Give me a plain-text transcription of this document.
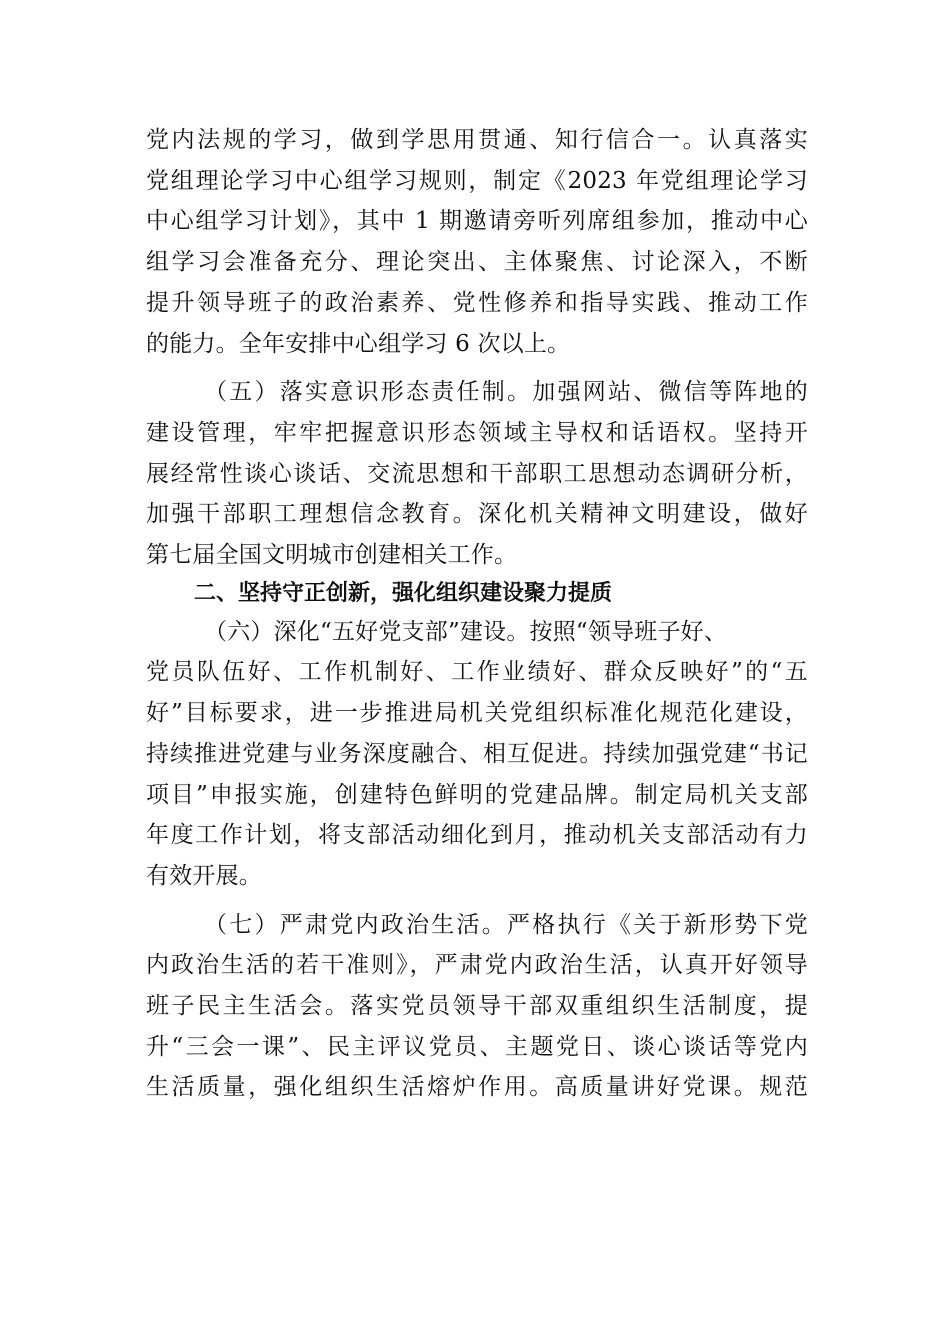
党内法规的学习，做到学思用贯通、知行信合一。认真落实
党组理论学习中心组学习规则，制定《2023 年党组理论学习
中心组学习计划》，其中 1 期邀请旁听列席组参加，推动中心
组学习会准备充分、理论突出、主体聚焦、讨论深入，不断
提升领导班子的政治素养、党性修养和指导实践、推动工作
的能力。全年安排中心组学习 6 次以上。

（五）落实意识形态责任制。加强网站、微信等阵地的
建设管理，牢牢把握意识形态领域主导权和话语权。坚持开
展经常性谈心谈话、交流思想和干部职工思想动态调研分析，
加强干部职工理想信念教育。深化机关精神文明建设，做好
第七届全国文明城市创建相关工作。

二、坚持守正创新，强化组织建设聚力提质

（六）深化“五好党支部”建设。按照“领导班子好、
党员队伍好、工作机制好、工作业绩好、群众反映好”的“五
好”目标要求，进一步推进局机关党组织标准化规范化建设，
持续推进党建与业务深度融合、相互促进。持续加强党建“书记
项目”申报实施，创建特色鲜明的党建品牌。制定局机关支部
年度工作计划，将支部活动细化到月，推动机关支部活动有力
有效开展。

（七）严肃党内政治生活。严格执行《关于新形势下党
内政治生活的若干准则》，严肃党内政治生活，认真开好领导
班子民主生活会。落实党员领导干部双重组织生活制度，提
升“三会一课”、民主评议党员、主题党日、谈心谈话等党内
生活质量，强化组织生活熔炉作用。高质量讲好党课。规范
